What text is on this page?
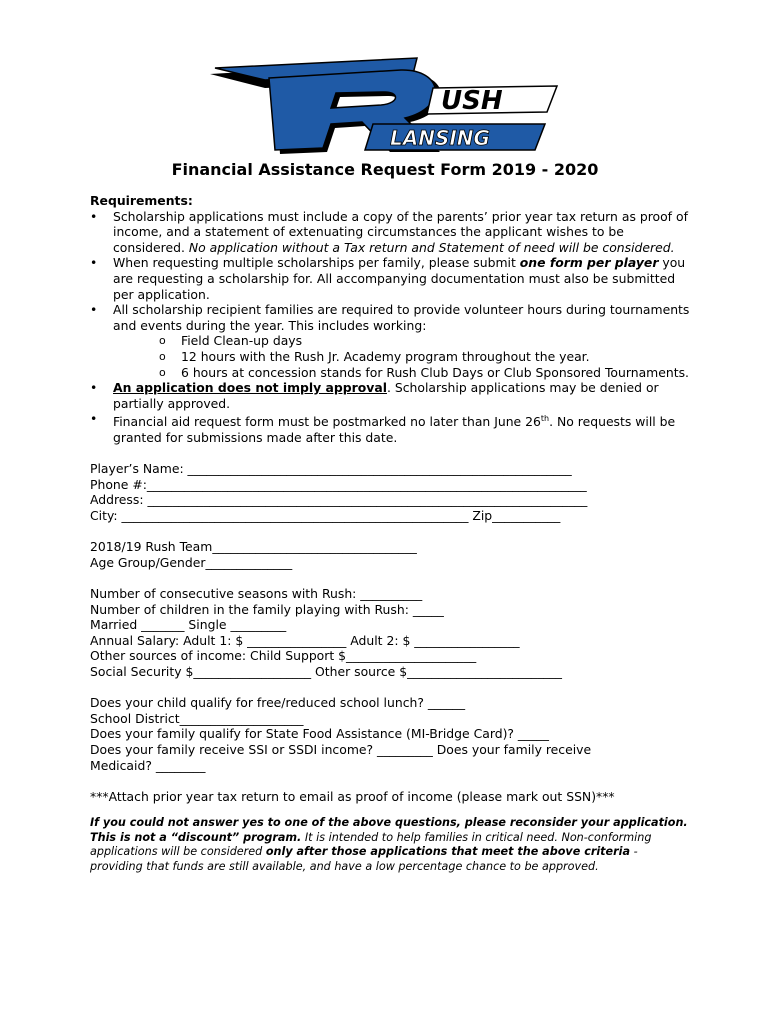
USH
LANSING
Financial Assistance Request Form 2019 - 2020
Requirements:
• Scholarship applications must include a copy of the parents’ prior year tax return as proof of income, and a statement of extenuating circumstances the applicant wishes to be considered. No application without a Tax return and Statement of need will be considered.
• When requesting multiple scholarships per family, please submit one form per player you are requesting a scholarship for. All accompanying documentation must also be submitted per application.
• All scholarship recipient families are required to provide volunteer hours during tournaments and events during the year. This includes working:
o Field Clean-up days
o 12 hours with the Rush Jr. Academy program throughout the year.
o 6 hours at concession stands for Rush Club Days or Club Sponsored Tournaments.
• An application does not imply approval. Scholarship applications may be denied or partially approved.
• Financial aid request form must be postmarked no later than June 26th. No requests will be granted for submissions made after this date.
Player’s Name: ______________________________________________________________
Phone #:_______________________________________________________________________
Address: _______________________________________________________________________
City: ________________________________________________________ Zip___________
2018/19 Rush Team_________________________________
Age Group/Gender______________
Number of consecutive seasons with Rush: __________
Number of children in the family playing with Rush: _____
Married _______ Single _________
Annual Salary: Adult 1: $ ________________ Adult 2: $ _________________
Other sources of income: Child Support $_____________________
Social Security $___________________ Other source $_________________________
Does your child qualify for free/reduced school lunch? ______
School District____________________
Does your family qualify for State Food Assistance (MI-Bridge Card)? _____
Does your family receive SSI or SSDI income? _________ Does your family receive
Medicaid? ________
***Attach prior year tax return to email as proof of income (please mark out SSN)***
If you could not answer yes to one of the above questions, please reconsider your application. This is not a “discount” program. It is intended to help families in critical need. Non-conforming applications will be considered only after those applications that meet the above criteria - providing that funds are still available, and have a low percentage chance to be approved.
